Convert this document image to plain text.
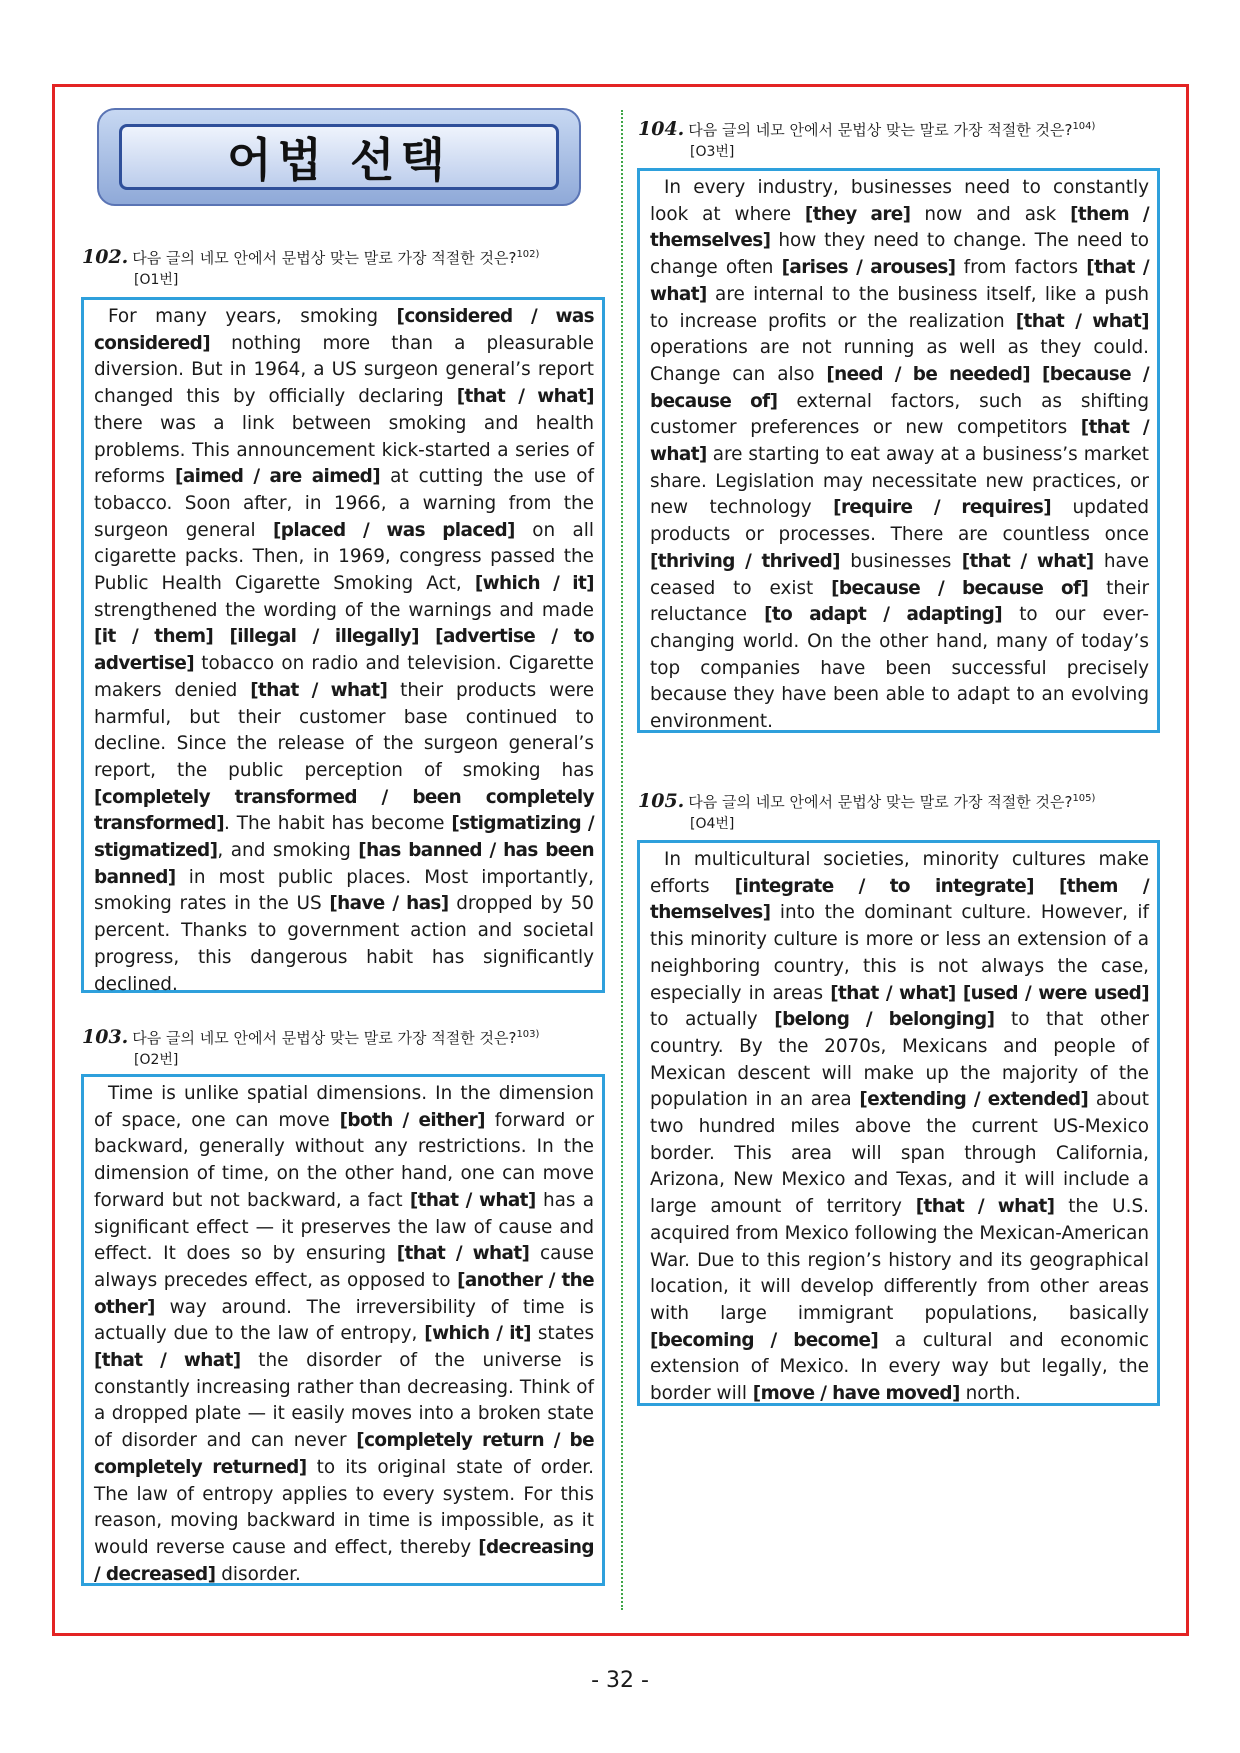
어법 선택
102. 다음 글의 네모 안에서 문법상 맞는 말로 가장 적절한 것은?$^{102)}$
[O1번]

For many years, smoking [considered / was considered] nothing more than a pleasurable diversion. But in 1964, a US surgeon general’s report changed this by officially declaring [that / what] there was a link between smoking and health problems. This announcement kick-started a series of reforms [aimed / are aimed] at cutting the use of tobacco. Soon after, in 1966, a warning from the surgeon general [placed / was placed] on all cigarette packs. Then, in 1969, congress passed the Public Health Cigarette Smoking Act, [which / it] strengthened the wording of the warnings and made [it / them] [illegal / illegally] [advertise / to advertise] tobacco on radio and television. Cigarette makers denied [that / what] their products were harmful, but their customer base continued to decline. Since the release of the surgeon general’s report, the public perception of smoking has [completely transformed / been completely transformed]. The habit has become [stigmatizing / stigmatized], and smoking [has banned / has been banned] in most public places. Most importantly, smoking rates in the US [have / has] dropped by 50 percent. Thanks to government action and societal progress, this dangerous habit has significantly declined.

103. 다음 글의 네모 안에서 문법상 맞는 말로 가장 적절한 것은?$^{103)}$
[O2번]

Time is unlike spatial dimensions. In the dimension of space, one can move [both / either] forward or backward, generally without any restrictions. In the dimension of time, on the other hand, one can move forward but not backward, a fact [that / what] has a significant effect — it preserves the law of cause and effect. It does so by ensuring [that / what] cause always precedes effect, as opposed to [another / the other] way around. The irreversibility of time is actually due to the law of entropy, [which / it] states [that / what] the disorder of the universe is constantly increasing rather than decreasing. Think of a dropped plate — it easily moves into a broken state of disorder and can never [completely return / be completely returned] to its original state of order. The law of entropy applies to every system. For this reason, moving backward in time is impossible, as it would reverse cause and effect, thereby [decreasing / decreased] disorder.

104. 다음 글의 네모 안에서 문법상 맞는 말로 가장 적절한 것은?$^{104)}$
[O3번]

In every industry, businesses need to constantly look at where [they are] now and ask [them / themselves] how they need to change. The need to change often [arises / arouses] from factors [that / what] are internal to the business itself, like a push to increase profits or the realization [that / what] operations are not running as well as they could. Change can also [need / be needed] [because / because of] external factors, such as shifting customer preferences or new competitors [that / what] are starting to eat away at a business’s market share. Legislation may necessitate new practices, or new technology [require / requires] updated products or processes. There are countless once [thriving / thrived] businesses [that / what] have ceased to exist [because / because of] their reluctance [to adapt / adapting] to our ever-changing world. On the other hand, many of today’s top companies have been successful precisely because they have been able to adapt to an evolving environment.

105. 다음 글의 네모 안에서 문법상 맞는 말로 가장 적절한 것은?$^{105)}$
[O4번]

In multicultural societies, minority cultures make efforts [integrate / to integrate] [them / themselves] into the dominant culture. However, if this minority culture is more or less an extension of a neighboring country, this is not always the case, especially in areas [that / what] [used / were used] to actually [belong / belonging] to that other country. By the 2070s, Mexicans and people of Mexican descent will make up the majority of the population in an area [extending / extended] about two hundred miles above the current US-Mexico border. This area will span through California, Arizona, New Mexico and Texas, and it will include a large amount of territory [that / what] the U.S. acquired from Mexico following the Mexican-American War. Due to this region’s history and its geographical location, it will develop differently from other areas with large immigrant populations, basically [becoming / become] a cultural and economic extension of Mexico. In every way but legally, the border will [move / have moved] north.

- 32 -
